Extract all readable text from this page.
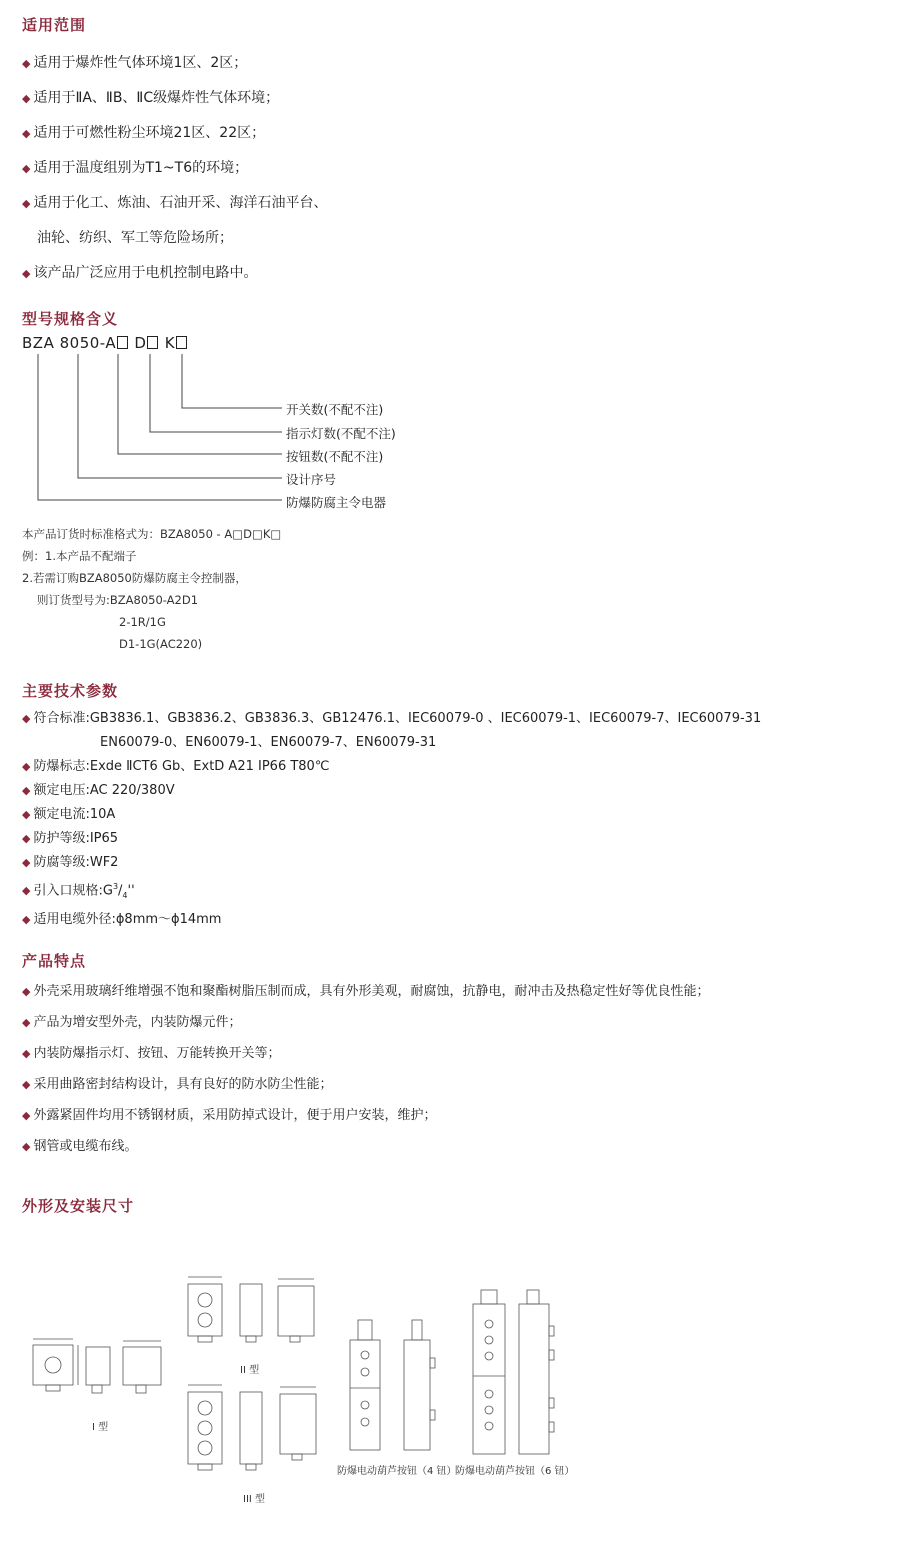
适用范围
◆ 适用于爆炸性气体环境1区、2区；
◆ 适用于ⅡA、ⅡB、ⅡC级爆炸性气体环境；
◆ 适用于可燃性粉尘环境21区、22区；
◆ 适用于温度组别为T1~T6的环境；
◆ 适用于化工、炼油、石油开采、海洋石油平台、
油轮、纺织、军工等危险场所；
◆ 该产品广泛应用于电机控制电路中。
型号规格含义
BZA 8050-A D K
开关数(不配不注)
指示灯数(不配不注)
按钮数(不配不注)
设计序号
防爆防腐主令电器
本产品订货时标准格式为：BZA8050 - A□D□K□
例：1.本产品不配端子
2.若需订购BZA8050防爆防腐主令控制器，
则订货型号为:BZA8050-A2D1
2-1R/1G
D1-1G(AC220)
主要技术参数
◆ 符合标准:GB3836.1、GB3836.2、GB3836.3、GB12476.1、IEC60079-0 、IEC60079-1、IEC60079-7、IEC60079-31
EN60079-0、EN60079-1、EN60079-7、EN60079-31
◆ 防爆标志:Exde ⅡCT6 Gb、ExtD A21 IP66 T80℃
◆ 额定电压:AC 220/380V
◆ 额定电流:10A
◆ 防护等级:IP65
◆ 防腐等级:WF2
◆ 引入口规格$:G^3/_4''$
◆ 适用电缆外径:ϕ8mm～ϕ14mm
产品特点
◆ 外壳采用玻璃纤维增强不饱和聚酯树脂压制而成，具有外形美观，耐腐蚀，抗静电，耐冲击及热稳定性好等优良性能；
◆ 产品为增安型外壳，内装防爆元件；
◆ 内装防爆指示灯、按钮、万能转换开关等；
◆ 采用曲路密封结构设计，具有良好的防水防尘性能；
◆ 外露紧固件均用不锈钢材质，采用防掉式设计，便于用户安装，维护；
◆ 钢管或电缆布线。
外形及安装尺寸
I 型
II 型
III 型
防爆电动葫芦按钮（4 钮）
防爆电动葫芦按钮（6 钮）
